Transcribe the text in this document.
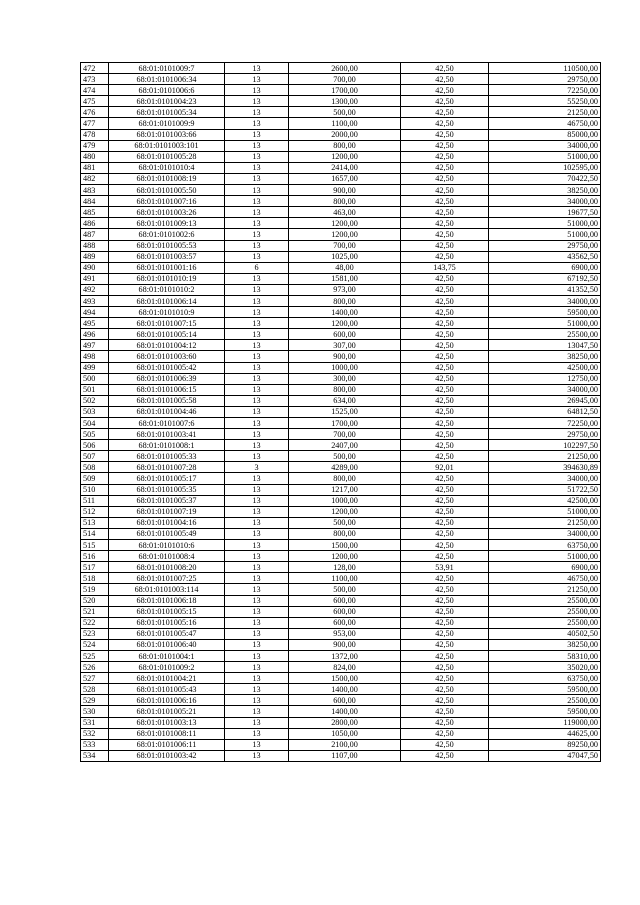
472	68:01:0101009:7	13	2600,00	42,50	110500,00
473	68:01:0101006:34	13	700,00	42,50	29750,00
474	68:01:0101006:6	13	1700,00	42,50	72250,00
475	68:01:0101004:23	13	1300,00	42,50	55250,00
476	68:01:0101005:34	13	500,00	42,50	21250,00
477	68:01:0101009:9	13	1100,00	42,50	46750,00
478	68:01:0101003:66	13	2000,00	42,50	85000,00
479	68:01:0101003:101	13	800,00	42,50	34000,00
480	68:01:0101005:28	13	1200,00	42,50	51000,00
481	68:01:0101010:4	13	2414,00	42,50	102595,00
482	68:01:0101008:19	13	1657,00	42,50	70422,50
483	68:01:0101005:50	13	900,00	42,50	38250,00
484	68:01:0101007:16	13	800,00	42,50	34000,00
485	68:01:0101003:26	13	463,00	42,50	19677,50
486	68:01:0101009:13	13	1200,00	42,50	51000,00
487	68:01:0101002:6	13	1200,00	42,50	51000,00
488	68:01:0101005:53	13	700,00	42,50	29750,00
489	68:01:0101003:57	13	1025,00	42,50	43562,50
490	68:01:0101001:16	6	48,00	143,75	6900,00
491	68:01:0101010:19	13	1581,00	42,50	67192,50
492	68:01:0101010:2	13	973,00	42,50	41352,50
493	68:01:0101006:14	13	800,00	42,50	34000,00
494	68:01:0101010:9	13	1400,00	42,50	59500,00
495	68:01:0101007:15	13	1200,00	42,50	51000,00
496	68:01:0101005:14	13	600,00	42,50	25500,00
497	68:01:0101004:12	13	307,00	42,50	13047,50
498	68:01:0101003:60	13	900,00	42,50	38250,00
499	68:01:0101005:42	13	1000,00	42,50	42500,00
500	68:01:0101006:39	13	300,00	42,50	12750,00
501	68:01:0101006:15	13	800,00	42,50	34000,00
502	68:01:0101005:58	13	634,00	42,50	26945,00
503	68:01:0101004:46	13	1525,00	42,50	64812,50
504	68:01:0101007:6	13	1700,00	42,50	72250,00
505	68:01:0101003:41	13	700,00	42,50	29750,00
506	68:01:0101008:1	13	2407,00	42,50	102297,50
507	68:01:0101005:33	13	500,00	42,50	21250,00
508	68:01:0101007:28	3	4289,00	92,01	394630,89
509	68:01:0101005:17	13	800,00	42,50	34000,00
510	68:01:0101005:35	13	1217,00	42,50	51722,50
511	68:01:0101005:37	13	1000,00	42,50	42500,00
512	68:01:0101007:19	13	1200,00	42,50	51000,00
513	68:01:0101004:16	13	500,00	42,50	21250,00
514	68:01:0101005:49	13	800,00	42,50	34000,00
515	68:01:0101010:6	13	1500,00	42,50	63750,00
516	68:01:0101008:4	13	1200,00	42,50	51000,00
517	68:01:0101008:20	13	128,00	53,91	6900,00
518	68:01:0101007:25	13	1100,00	42,50	46750,00
519	68:01:0101003:114	13	500,00	42,50	21250,00
520	68:01:0101006:18	13	600,00	42,50	25500,00
521	68:01:0101005:15	13	600,00	42,50	25500,00
522	68:01:0101005:16	13	600,00	42,50	25500,00
523	68:01:0101005:47	13	953,00	42,50	40502,50
524	68:01:0101006:40	13	900,00	42,50	38250,00
525	68:01:0101004:1	13	1372,00	42,50	58310,00
526	68:01:0101009:2	13	824,00	42,50	35020,00
527	68:01:0101004:21	13	1500,00	42,50	63750,00
528	68:01:0101005:43	13	1400,00	42,50	59500,00
529	68:01:0101006:16	13	600,00	42,50	25500,00
530	68:01:0101005:21	13	1400,00	42,50	59500,00
531	68:01:0101003:13	13	2800,00	42,50	119000,00
532	68:01:0101008:11	13	1050,00	42,50	44625,00
533	68:01:0101006:11	13	2100,00	42,50	89250,00
534	68:01:0101003:42	13	1107,00	42,50	47047,50
